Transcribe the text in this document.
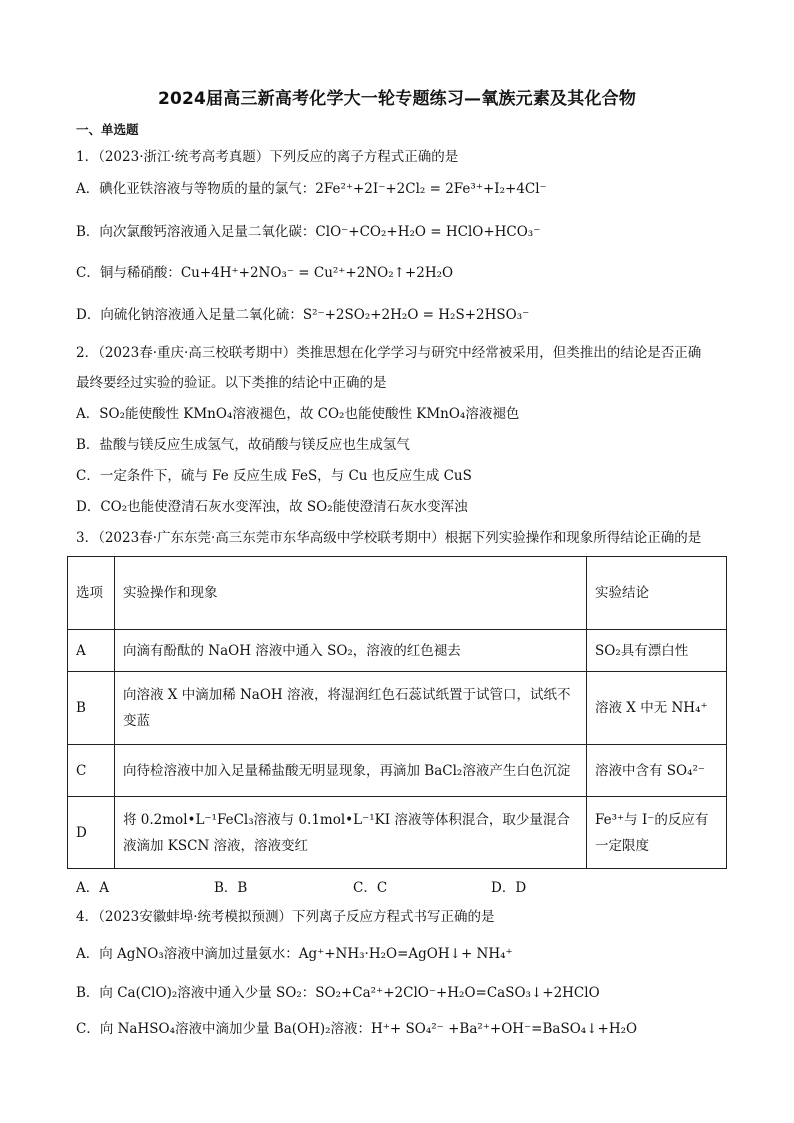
2024届高三新高考化学大一轮专题练习—氧族元素及其化合物
一、单选题
1．（2023·浙江·统考高考真题）下列反应的离子方程式正确的是
A．碘化亚铁溶液与等物质的量的氯气：2Fe²⁺+2I⁻+2Cl₂ = 2Fe³⁺+I₂+4Cl⁻
B．向次氯酸钙溶液通入足量二氧化碳：ClO⁻+CO₂+H₂O = HClO+HCO₃⁻
C．铜与稀硝酸：Cu+4H⁺+2NO₃⁻ = Cu²⁺+2NO₂↑+2H₂O
D．向硫化钠溶液通入足量二氧化硫：S²⁻+2SO₂+2H₂O = H₂S+2HSO₃⁻
2．（2023春·重庆·高三校联考期中）类推思想在化学学习与研究中经常被采用，但类推出的结论是否正确
最终要经过实验的验证。以下类推的结论中正确的是
A．SO₂能使酸性 KMnO₄溶液褪色，故 CO₂也能使酸性 KMnO₄溶液褪色
B．盐酸与镁反应生成氢气，故硝酸与镁反应也生成氢气
C．一定条件下，硫与 Fe 反应生成 FeS，与 Cu 也反应生成 CuS
D．CO₂也能使澄清石灰水变浑浊，故 SO₂能使澄清石灰水变浑浊
3．（2023春·广东东莞·高三东莞市东华高级中学校联考期中）根据下列实验操作和现象所得结论正确的是
选项	实验操作和现象	实验结论
A	向滴有酚酞的 NaOH 溶液中通入 SO₂，溶液的红色褪去	SO₂具有漂白性
B	向溶液 X 中滴加稀 NaOH 溶液，将湿润红色石蕊试纸置于试管口，试纸不变蓝	溶液 X 中无 NH₄⁺
C	向待检溶液中加入足量稀盐酸无明显现象，再滴加 BaCl₂溶液产生白色沉淀	溶液中含有 SO₄²⁻
D	将 0.2mol•L⁻¹FeCl₃溶液与 0.1mol•L⁻¹KI 溶液等体积混合，取少量混合液滴加 KSCN 溶液，溶液变红	Fe³⁺与 I⁻的反应有一定限度
A．A	B．B	C．C	D．D
4．（2023安徽蚌埠·统考模拟预测）下列离子反应方程式书写正确的是
A．向 AgNO₃溶液中滴加过量氨水：Ag⁺+NH₃·H₂O=AgOH↓+ NH₄⁺
B．向 Ca(ClO)₂溶液中通入少量 SO₂：SO₂+Ca²⁺+2ClO⁻+H₂O=CaSO₃↓+2HClO
C．向 NaHSO₄溶液中滴加少量 Ba(OH)₂溶液：H⁺+ SO₄²⁻ +Ba²⁺+OH⁻=BaSO₄↓+H₂O
